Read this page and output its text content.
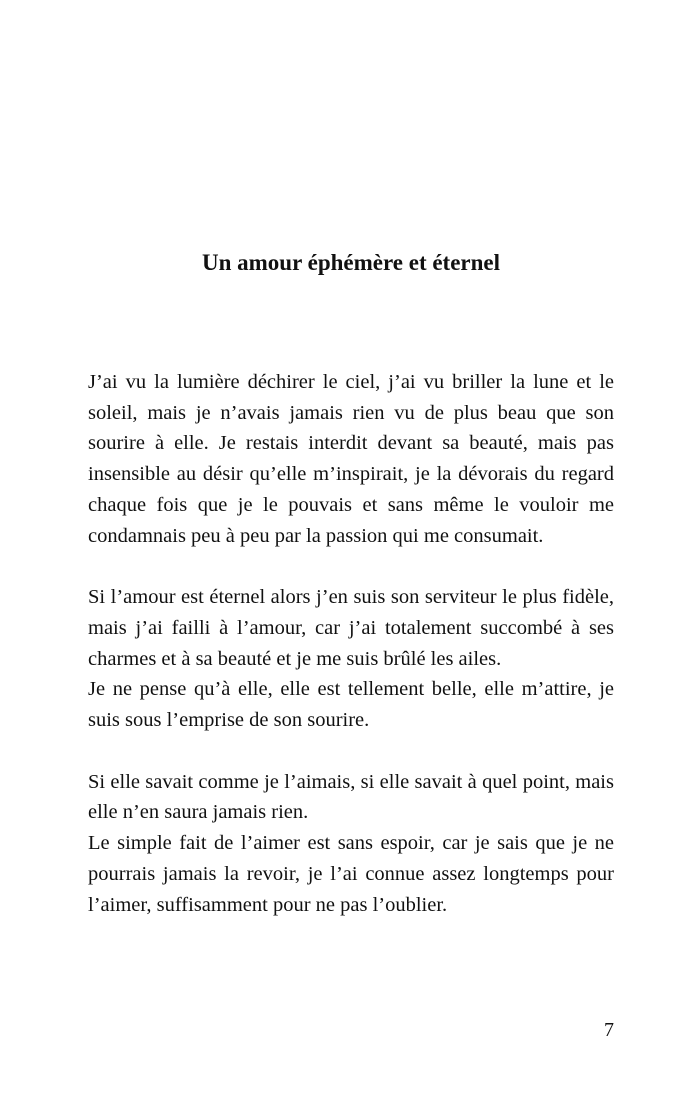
Un amour éphémère et éternel

J’ai vu la lumière déchirer le ciel, j’ai vu briller la lune et le soleil, mais je n’avais jamais rien vu de plus beau que son sourire à elle. Je restais interdit devant sa beauté, mais pas insensible au désir qu’elle m’inspirait, je la dévorais du regard chaque fois que je le pouvais et sans même le vouloir me condamnais peu à peu par la passion qui me consumait.

Si l’amour est éternel alors j’en suis son serviteur le plus fidèle, mais j’ai failli à l’amour, car j’ai totalement succombé à ses charmes et à sa beauté et je me suis brûlé les ailes.

Je ne pense qu’à elle, elle est tellement belle, elle m’attire, je suis sous l’emprise de son sourire.

Si elle savait comme je l’aimais, si elle savait à quel point, mais elle n’en saura jamais rien.

Le simple fait de l’aimer est sans espoir, car je sais que je ne pourrais jamais la revoir, je l’ai connue assez longtemps pour l’aimer, suffisamment pour ne pas l’oublier.

7
